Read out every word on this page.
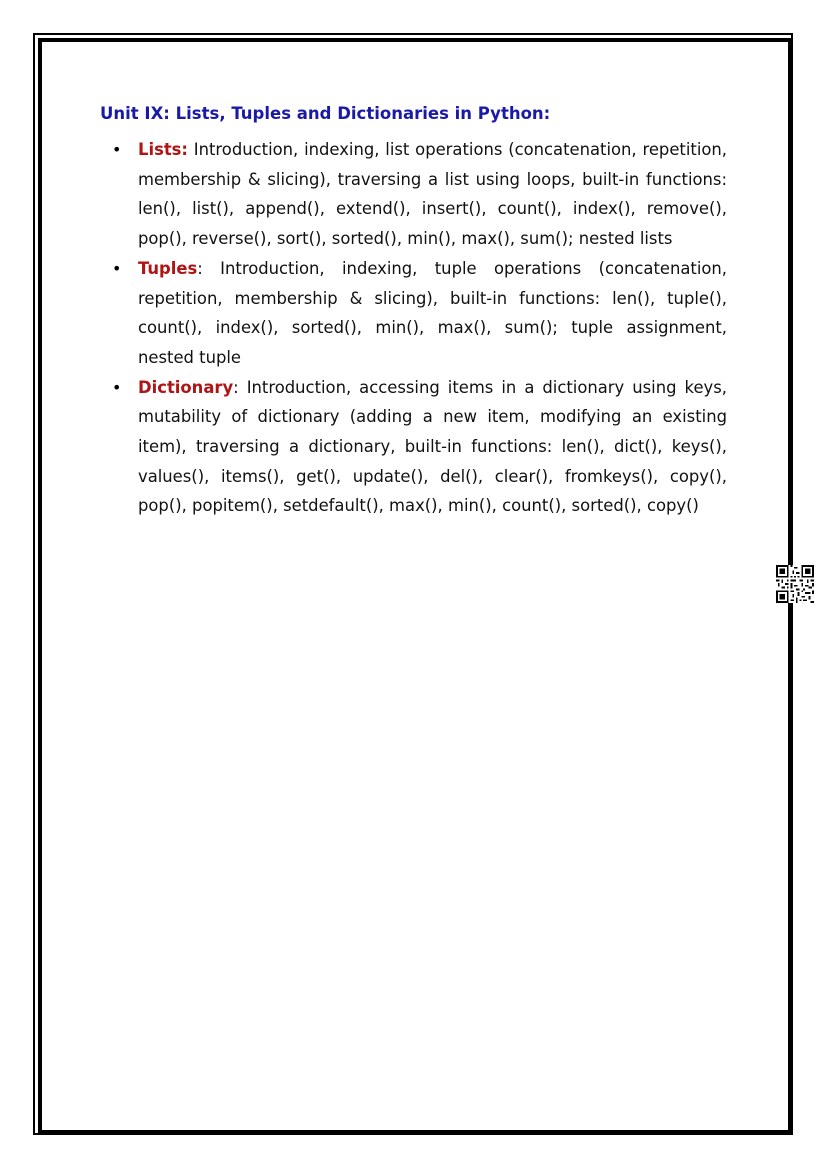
Unit IX: Lists, Tuples and Dictionaries in Python:
• Lists: Introduction, indexing, list operations (concatenation, repetition, membership & slicing), traversing a list using loops, built-in functions: len(), list(), append(), extend(), insert(), count(), index(), remove(), pop(), reverse(), sort(), sorted(), min(), max(), sum(); nested lists
• Tuples: Introduction, indexing, tuple operations (concatenation, repetition, membership & slicing), built-in functions: len(), tuple(), count(), index(), sorted(), min(), max(), sum(); tuple assignment, nested tuple
• Dictionary: Introduction, accessing items in a dictionary using keys, mutability of dictionary (adding a new item, modifying an existing item), traversing a dictionary, built-in functions: len(), dict(), keys(), values(), items(), get(), update(), del(), clear(), fromkeys(), copy(), pop(), popitem(), setdefault(), max(), min(), count(), sorted(), copy()
